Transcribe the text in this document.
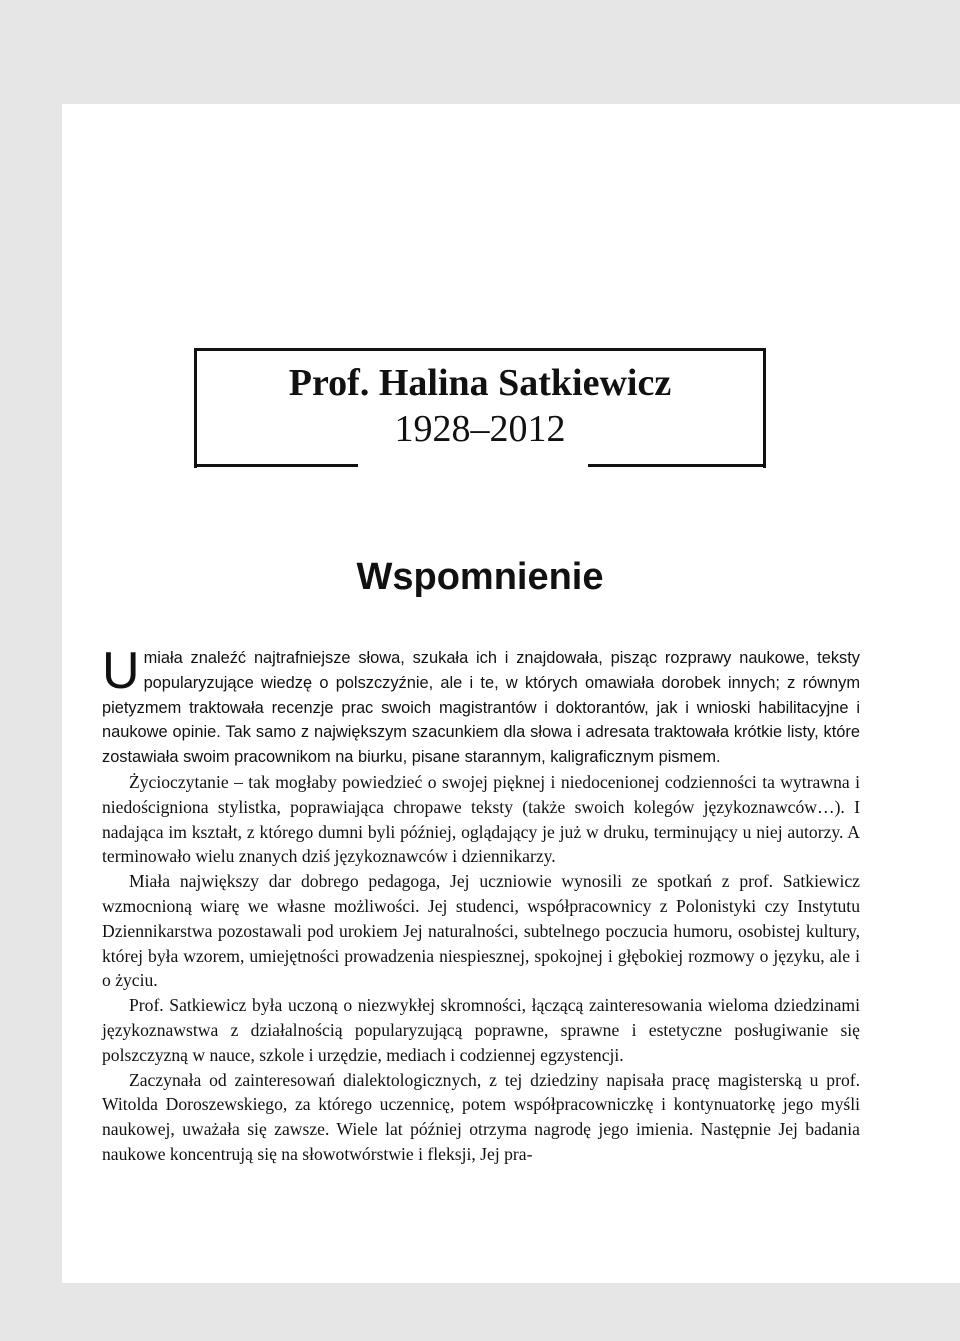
Prof. Halina Satkiewicz
1928–2012
Wspomnienie

Umiała znaleźć najtrafniejsze słowa, szukała ich i znajdowała, pisząc rozprawy naukowe, teksty popularyzujące wiedzę o polszczyźnie, ale i te, w których omawiała dorobek innych; z równym pietyzmem traktowała recenzje prac swoich magistrantów i doktorantów, jak i wnioski habilitacyjne i naukowe opinie. Tak samo z największym szacunkiem dla słowa i adresata traktowała krótkie listy, które zostawiała swoim pracownikom na biurku, pisane starannym, kaligraficznym pismem.

Życioczytanie – tak mogłaby powiedzieć o swojej pięknej i niedocenionej codzienności ta wytrawna i niedościgniona stylistka, poprawiająca chropawe teksty (także swoich kolegów językoznawców…). I nadająca im kształt, z którego dumni byli później, oglądający je już w druku, terminujący u niej autorzy. A terminowało wielu znanych dziś językoznawców i dziennikarzy.

Miała największy dar dobrego pedagoga, Jej uczniowie wynosili ze spotkań z prof. Satkiewicz wzmocnioną wiarę we własne możliwości. Jej studenci, współpracownicy z Polonistyki czy Instytutu Dziennikarstwa pozostawali pod urokiem Jej naturalności, subtelnego poczucia humoru, osobistej kultury, której była wzorem, umiejętności prowadzenia niespiesznej, spokojnej i głębokiej rozmowy o języku, ale i o życiu.

Prof. Satkiewicz była uczoną o niezwykłej skromności, łączącą zainteresowania wieloma dziedzinami językoznawstwa z działalnością popularyzującą poprawne, sprawne i estetyczne posługiwanie się polszczyzną w nauce, szkole i urzędzie, mediach i codziennej egzystencji.

Zaczynała od zainteresowań dialektologicznych, z tej dziedziny napisała pracę magisterską u prof. Witolda Doroszewskiego, za którego uczennicę, potem współpracowniczkę i kontynuatorkę jego myśli naukowej, uważała się zawsze. Wiele lat później otrzyma nagrodę jego imienia. Następnie Jej badania naukowe koncentrują się na słowotwórstwie i fleksji, Jej pra-
